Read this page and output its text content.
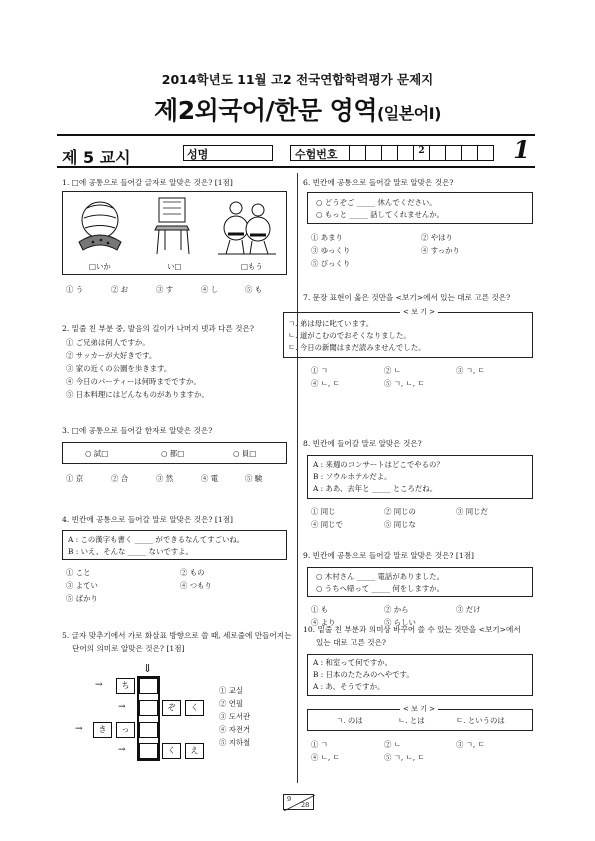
2014학년도 11월 고2 전국연합학력평가 문제지
제2외국어/한문 영역(일본어Ⅰ)
제 5 교시	성명	수험번호	2	1
1. □에 공통으로 들어갈 글자로 알맞은 것은? [1점]
□いか	い□	□もう
① う	② お	③ す	④ し	⑤ も
2. 밑줄 친 부분 중, 발음의 길이가 나머지 넷과 다른 것은?
① ご兄弟は何人ですか。
② サッカーが大好きです。
③ 家の近くの公園を歩きます。
④ 今日のパーティーは何時までですか。
⑤ 日本料理にはどんなものがありますか。
3. □에 공통으로 들어갈 한자로 알맞은 것은?
○ 試□	○ 都□	○ 員□
① 京	② 合	③ 然	④ 電	⑤ 験
4. 빈칸에 공통으로 들어갈 말로 알맞은 것은? [1점]
A : この漢字も書く _____ ができるなんてすごいね。
B : いえ、そんな _____ ないですよ。
① こと	② もの
③ よてい	④ つもり
⑤ ばかり
5. 글자 맞추기에서 가로 화살표 방향으로 쓸 때, 세로줄에 만들어지는
단어의 의미로 알맞은 것은? [1점]
⇓
→	ち
→	ぞ	く
→	き	っ
→	く	え
① 교실
② 연필
③ 도서관
④ 자전거
⑤ 지하철
6. 빈칸에 공통으로 들어갈 말로 알맞은 것은?
○ どうぞご _____ 休んでください。
○ もっと _____ 話してくれませんか。
① あまり	② やはり
③ ゆっくり	④ すっかり
⑤ びっくり
7. 문장 표현이 옳은 것만을 <보기>에서 있는 대로 고른 것은?
< 보 기 >
ㄱ. 弟は母に叱ています。
ㄴ. 道がこむのでおそくなりました。
ㄷ. 今日の新聞はまだ読みませんでした。
① ㄱ	② ㄴ	③ ㄱ, ㄷ
④ ㄴ, ㄷ	⑤ ㄱ, ㄴ, ㄷ
8. 빈칸에 들어갈 말로 알맞은 것은?
A : 来週のコンサートはどこでやるの？
B : ソウルホテルだよ。
A : ああ、去年と _____ ところだね。
① 同じ	② 同じの	③ 同じだ
④ 同じで	⑤ 同じな
9. 빈칸에 공통으로 들어갈 말로 알맞은 것은? [1점]
○ 木村さん _____ 電話がありました。
○ うちへ帰って _____ 何をしますか。
① も	② から	③ だけ
④ より	⑤ らしい
10. 밑줄 친 부분과 의미상 바꾸어 쓸 수 있는 것만을 <보기>에서
있는 대로 고른 것은?
A : 和室って何ですか。
B : 日本のたたみのへやです。
A : あ、そうですか。
< 보 기 >
ㄱ. のは	ㄴ. とは	ㄷ. というのは
① ㄱ	② ㄴ	③ ㄱ, ㄷ
④ ㄴ, ㄷ	⑤ ㄱ, ㄴ, ㄷ
9
28
